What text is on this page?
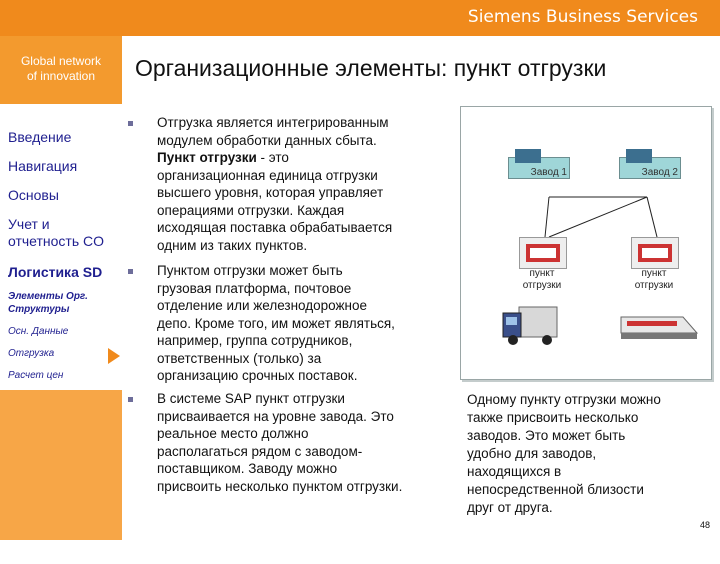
Siemens Business Services
Global network
of innovation
Введение
Навигация
Основы
Учет и
отчетность CO
Логистика SD
Элементы Орг.
Структуры
Осн. Данные
Отгрузка
Расчет цен
SIEMENS
Организационные элементы: пункт отгрузки
Отгрузка является интегрированным
модулем обработки данных сбыта.
Пункт отгрузки - это
организационная единица отгрузки
высшего уровня, которая управляет
операциями отгрузки. Каждая
исходящая поставка обрабатывается
одним из таких пунктов.
Пунктом отгрузки может быть
грузовая платформа, почтовое
отделение или железнодорожное
депо. Кроме того, им может являться,
например, группа сотрудников,
ответственных (только) за
организацию срочных поставок.
В системе SAP пункт отгрузки
присваивается на уровне завода. Это
реальное место должно
располагаться рядом с заводом-
поставщиком. Заводу можно
присвоить несколько пунктом отгрузки.
Завод 1	Завод 2
пункт
отгрузки
пункт
отгрузки
Одному пункту отгрузки можно
также присвоить несколько
заводов. Это может быть
удобно для заводов,
находящихся в
непосредственной близости
друг от друга.
48
